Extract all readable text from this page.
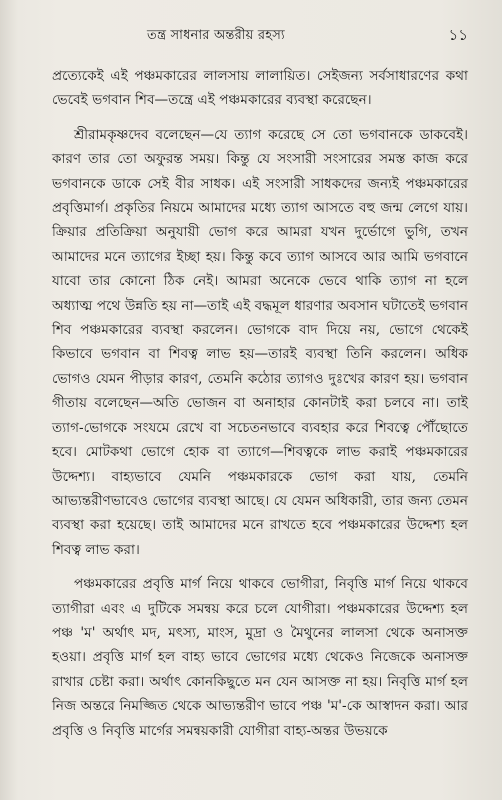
তন্ত্র সাধনার অন্তরীয় রহস্য	১১

প্রত্যেকেই এই পঞ্চমকারের লালসায় লালায়িত। সেইজন্য সর্বসাধারণের কথা ভেবেই ভগবান শিব—তন্ত্রে এই পঞ্চমকারের ব্যবস্থা করেছেন।

শ্রীরামকৃষ্ণদেব বলেছেন—যে ত্যাগ করেছে সে তো ভগবানকে ডাকবেই। কারণ তার তো অফুরন্ত সময়। কিন্তু যে সংসারী সংসারের সমস্ত কাজ করে ভগবানকে ডাকে সেই বীর সাধক। এই সংসারী সাধকদের জন্যই পঞ্চমকারের প্রবৃত্তিমার্গ। প্রকৃতির নিয়মে আমাদের মধ্যে ত্যাগ আসতে বহু জন্ম লেগে যায়। ক্রিয়ার প্রতিক্রিয়া অনুযায়ী ভোগ করে আমরা যখন দুর্ভোগে ভুগি, তখন আমাদের মনে ত্যাগের ইচ্ছা হয়। কিন্তু কবে ত্যাগ আসবে আর আমি ভগবানে যাবো তার কোনো ঠিক নেই। আমরা অনেকে ভেবে থাকি ত্যাগ না হলে অধ্যাত্ম পথে উন্নতি হয় না—তাই এই বদ্ধমূল ধারণার অবসান ঘটাতেই ভগবান শিব পঞ্চমকারের ব্যবস্থা করলেন। ভোগকে বাদ দিয়ে নয়, ভোগে থেকেই কিভাবে ভগবান বা শিবত্ব লাভ হয়—তারই ব্যবস্থা তিনি করলেন। অধিক ভোগও যেমন পীড়ার কারণ, তেমনি কঠোর ত্যাগও দুঃখের কারণ হয়। ভগবান গীতায় বলেছেন—অতি ভোজন বা অনাহার কোনটাই করা চলবে না। তাই ত্যাগ-ভোগকে সংযমে রেখে বা সচেতনভাবে ব্যবহার করে শিবত্বে পৌঁছোতে হবে। মোটকথা ভোগে হোক বা ত্যাগে—শিবত্বকে লাভ করাই পঞ্চমকারের উদ্দেশ্য। বাহ্যভাবে যেমনি পঞ্চমকারকে ভোগ করা যায়, তেমনি আভ্যন্তরীণভাবেও ভোগের ব্যবস্থা আছে। যে যেমন অধিকারী, তার জন্য তেমন ব্যবস্থা করা হয়েছে। তাই আমাদের মনে রাখতে হবে পঞ্চমকারের উদ্দেশ্য হল শিবত্ব লাভ করা।

পঞ্চমকারের প্রবৃত্তি মার্গ নিয়ে থাকবে ভোগীরা, নিবৃত্তি মার্গ নিয়ে থাকবে ত্যাগীরা এবং এ দুটিকে সমন্বয় করে চলে যোগীরা। পঞ্চমকারের উদ্দেশ্য হল পঞ্চ 'ম' অর্থাৎ মদ, মৎস্য, মাংস, মুদ্রা ও মৈথুনের লালসা থেকে অনাসক্ত হওয়া। প্রবৃত্তি মার্গ হল বাহ্য ভাবে ভোগের মধ্যে থেকেও নিজেকে অনাসক্ত রাখার চেষ্টা করা। অর্থাৎ কোনকিছুতে মন যেন আসক্ত না হয়। নিবৃত্তি মার্গ হল নিজ অন্তরে নিমজ্জিত থেকে আভ্যন্তরীণ ভাবে পঞ্চ 'ম'-কে আস্বাদন করা। আর প্রবৃত্তি ও নিবৃত্তি মার্গের সমন্বয়কারী যোগীরা বাহ্য-অন্তর উভয়কে
